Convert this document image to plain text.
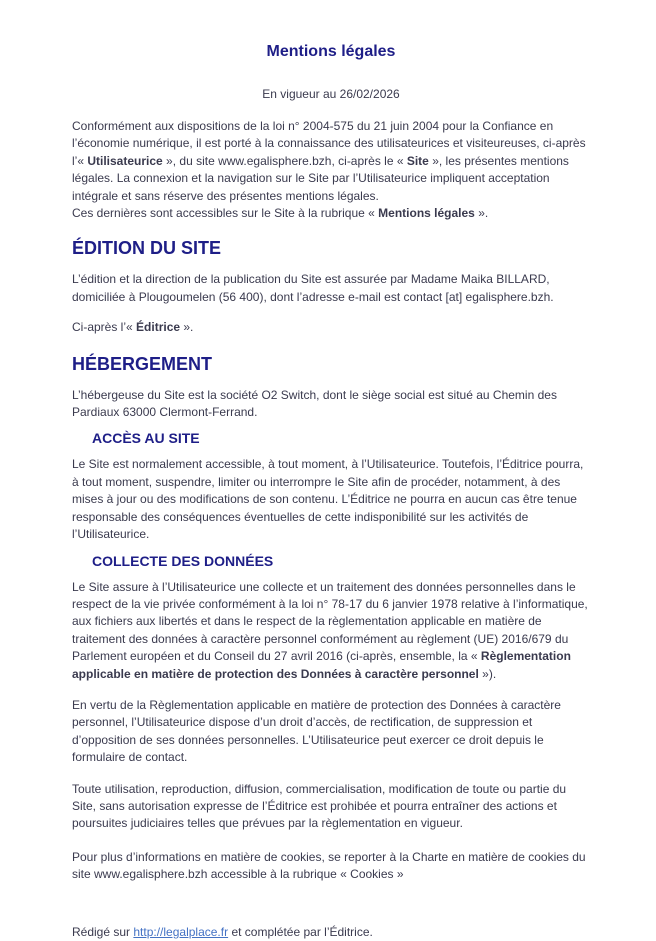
Mentions légales

En vigueur au 26/02/2026

Conformément aux dispositions de la loi n° 2004-575 du 21 juin 2004 pour la Confiance en l’économie numérique, il est porté à la connaissance des utilisateurices et visiteureuses, ci-après l’« Utilisateurice », du site www.egalisphere.bzh, ci-après le « Site », les présentes mentions légales. La connexion et la navigation sur le Site par l’Utilisateurice impliquent acceptation intégrale et sans réserve des présentes mentions légales.
Ces dernières sont accessibles sur le Site à la rubrique « Mentions légales ».

ÉDITION DU SITE

L’édition et la direction de la publication du Site est assurée par Madame Maika BILLARD, domiciliée à Plougoumelen (56 400), dont l’adresse e-mail est contact [at] egalisphere.bzh.

Ci-après l’« Éditrice ».

HÉBERGEMENT

L’hébergeuse du Site est la société O2 Switch, dont le siège social est situé au Chemin des Pardiaux 63000 Clermont-Ferrand.

ACCÈS AU SITE

Le Site est normalement accessible, à tout moment, à l’Utilisateurice. Toutefois, l’Éditrice pourra, à tout moment, suspendre, limiter ou interrompre le Site afin de procéder, notamment, à des mises à jour ou des modifications de son contenu. L’Éditrice ne pourra en aucun cas être tenue responsable des conséquences éventuelles de cette indisponibilité sur les activités de l’Utilisateurice.

COLLECTE DES DONNÉES

Le Site assure à l’Utilisateurice une collecte et un traitement des données personnelles dans le respect de la vie privée conformément à la loi n° 78-17 du 6 janvier 1978 relative à l’informatique, aux fichiers aux libertés et dans le respect de la règlementation applicable en matière de traitement des données à caractère personnel conformément au règlement (UE) 2016/679 du Parlement européen et du Conseil du 27 avril 2016 (ci-après, ensemble, la « Règlementation applicable en matière de protection des Données à caractère personnel »).

En vertu de la Règlementation applicable en matière de protection des Données à caractère personnel, l’Utilisateurice dispose d’un droit d’accès, de rectification, de suppression et d’opposition de ses données personnelles. L’Utilisateurice peut exercer ce droit depuis le formulaire de contact.

Toute utilisation, reproduction, diffusion, commercialisation, modification de toute ou partie du Site, sans autorisation expresse de l’Éditrice est prohibée et pourra entraîner des actions et poursuites judiciaires telles que prévues par la règlementation en vigueur.

Pour plus d’informations en matière de cookies, se reporter à la Charte en matière de cookies du site www.egalisphere.bzh accessible à la rubrique « Cookies »

Rédigé sur http://legalplace.fr et complétée par l’Éditrice.
